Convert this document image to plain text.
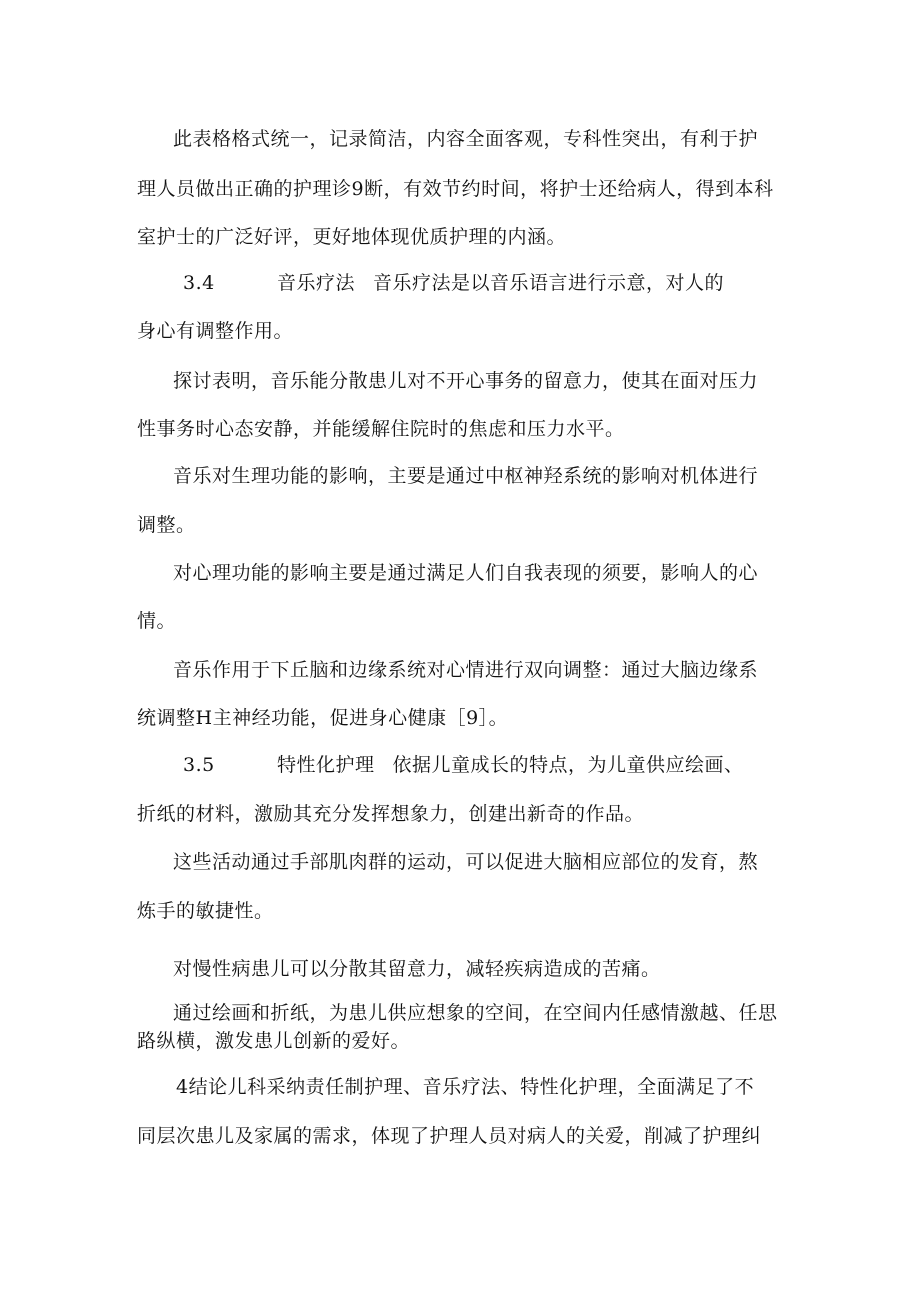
此表格格式统一，记录简洁，内容全面客观，专科性突出，有利于护
理人员做出正确的护理诊9断，有效节约时间，将护士还给病人，得到本科
室护士的广泛好评，更好地体现优质护理的内涵。
3.4	音乐疗法 音乐疗法是以音乐语言进行示意，对人的
身心有调整作用。
探讨表明，音乐能分散患儿对不开心事务的留意力，使其在面对压力
性事务时心态安静，并能缓解住院时的焦虑和压力水平。
音乐对生理功能的影响，主要是通过中枢神羟系统的影响对机体进行
调整。
对心理功能的影响主要是通过满足人们自我表现的须要，影响人的心
情。
音乐作用于下丘脑和边缘系统对心情进行双向调整：通过大脑边缘系
统调整H主神经功能，促进身心健康［9］。
3.5	特性化护理 依据儿童成长的特点，为儿童供应绘画、
折纸的材料，激励其充分发挥想象力，创建出新奇的作品。
这些活动通过手部肌肉群的运动，可以促进大脑相应部位的发育，熬
炼手的敏捷性。
对慢性病患儿可以分散其留意力，减轻疾病造成的苦痛。
通过绘画和折纸，为患儿供应想象的空间，在空间内任感情激越、任思
路纵横，激发患儿创新的爱好。
4结论儿科采纳责任制护理、音乐疗法、特性化护理，全面满足了不
同层次患儿及家属的需求，体现了护理人员对病人的关爱，削减了护理纠
